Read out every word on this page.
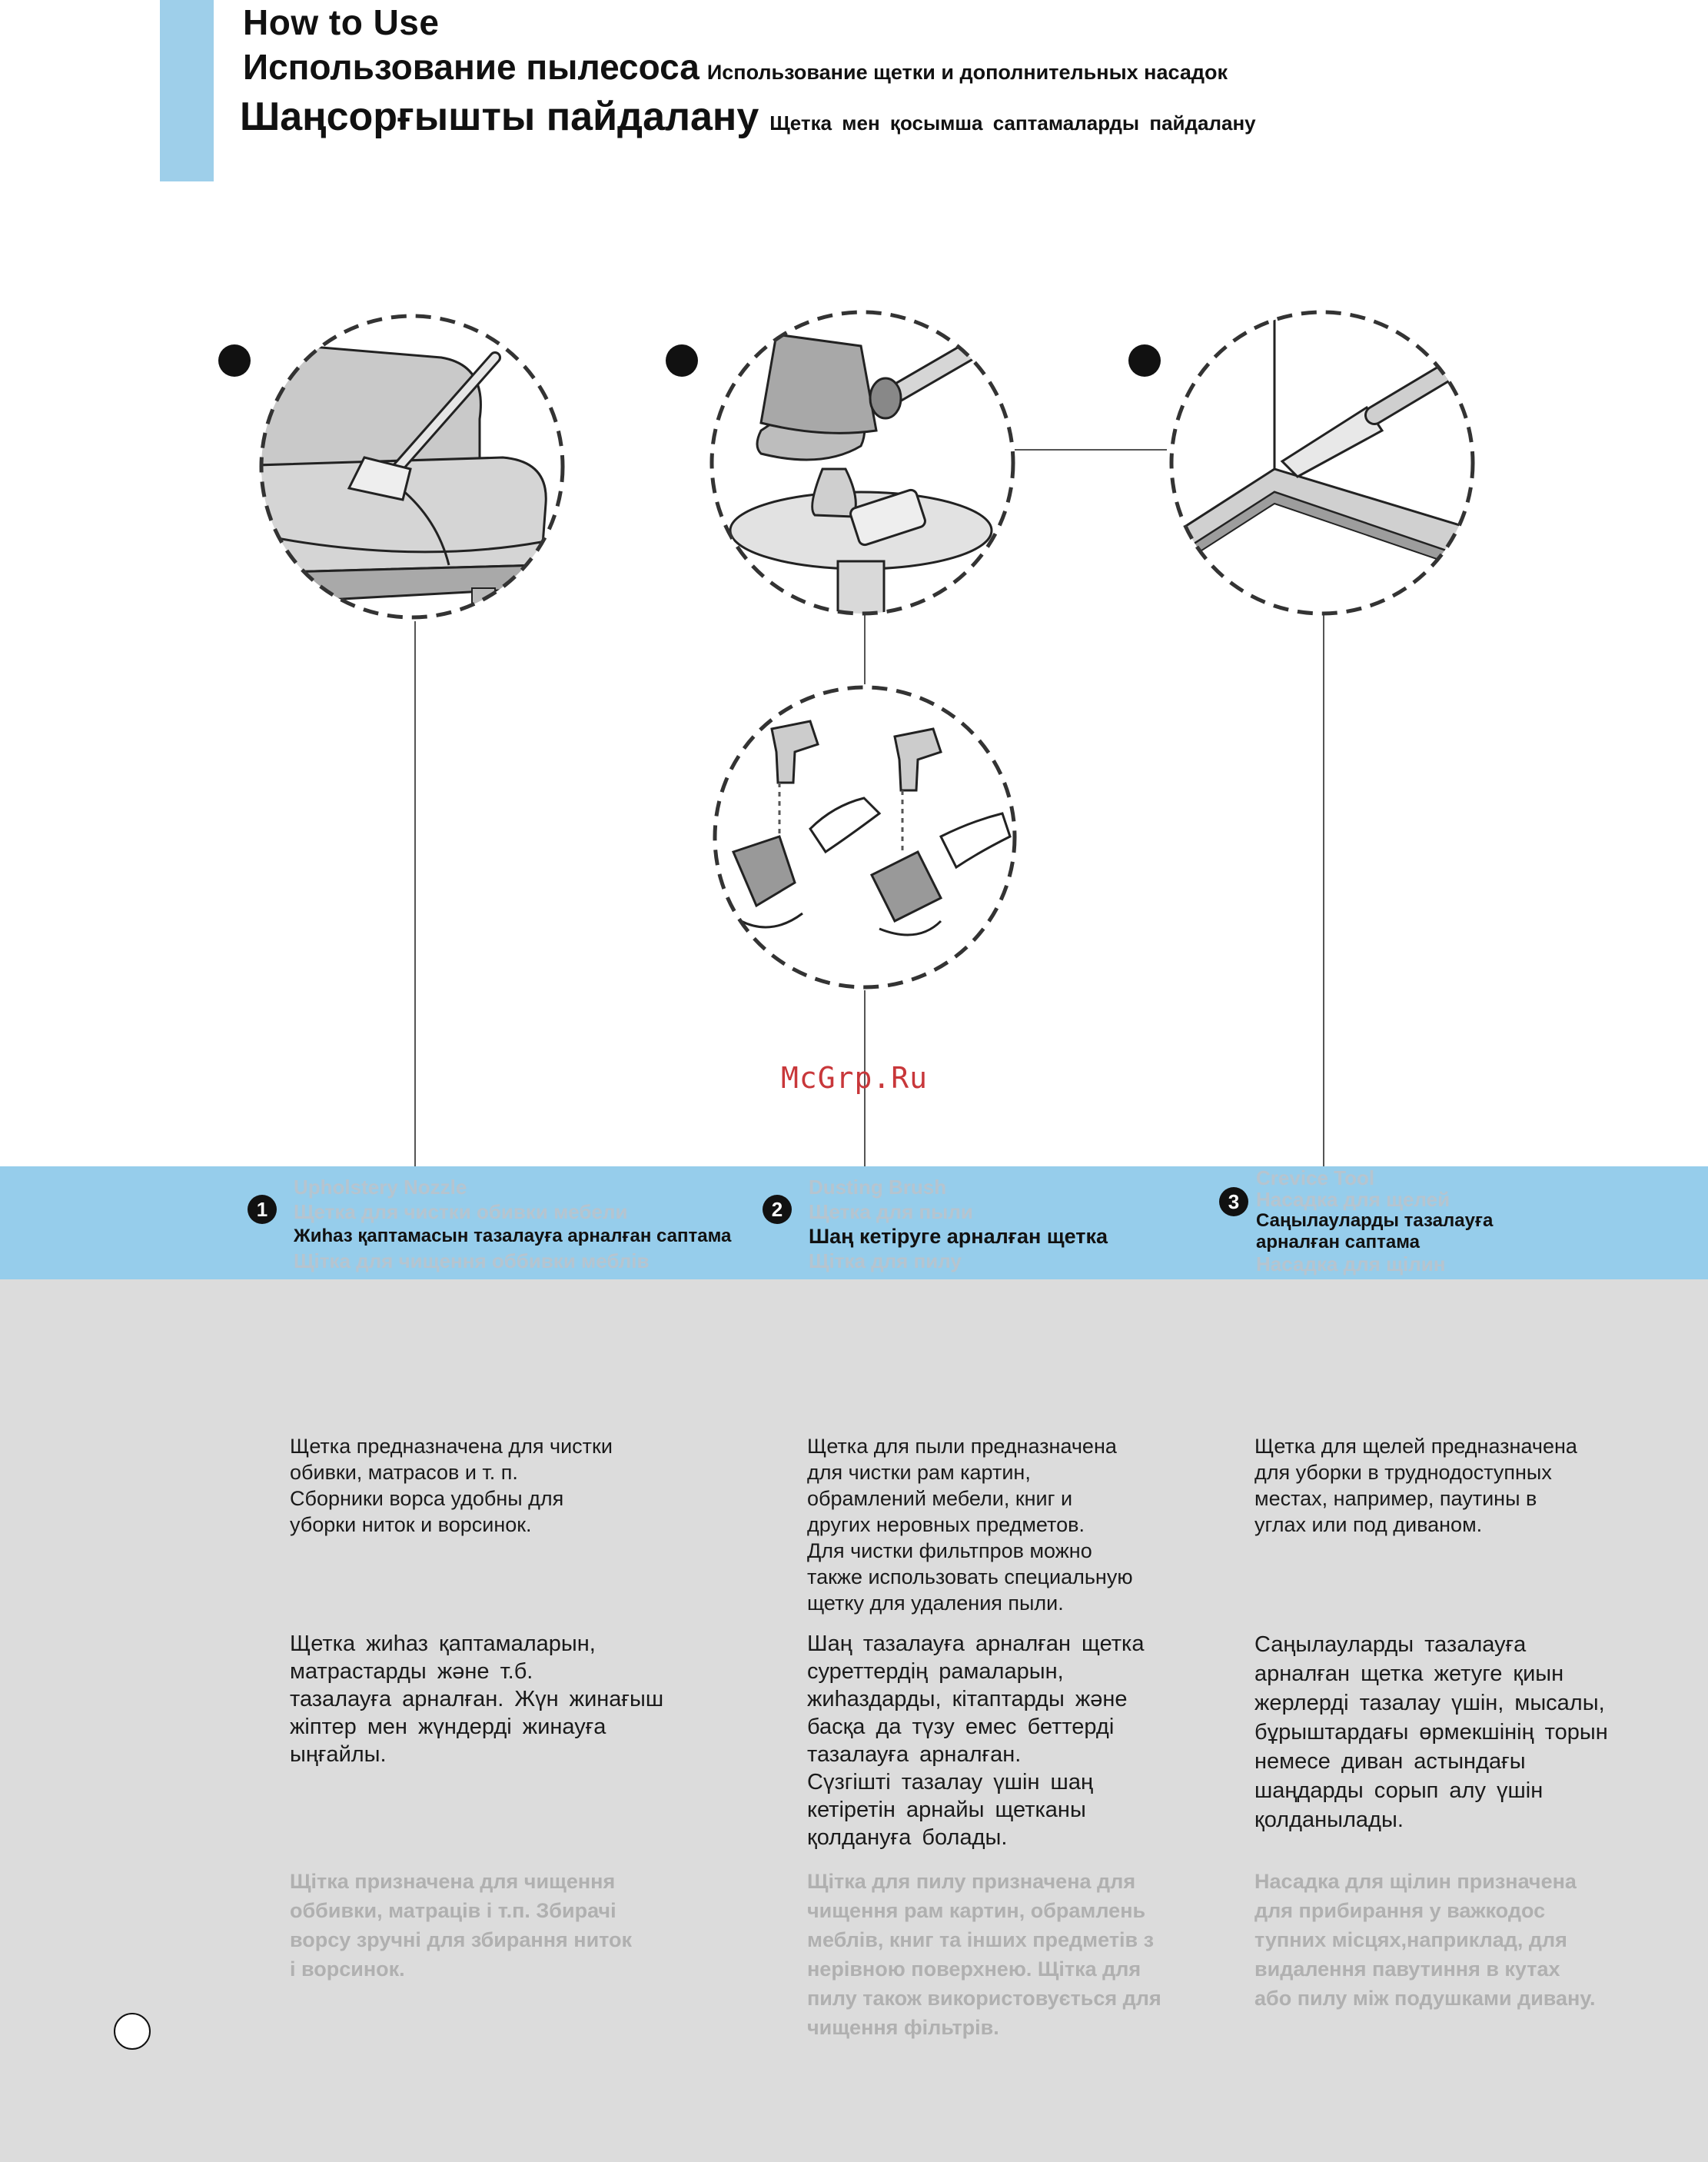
How to Use
Использование пылесоса Использование щетки и дополнительных насадок
Шаңсорғышты пайдалану Щетка мен қосымша саптамаларды пайдалану
McGrp.Ru
1
Upholstery Nozzle
Щетка для чистки обивки мебели
Жиһаз қаптамасын тазалауға арналған саптама
Щітка для чищення оббивки меблів
2
Dusting Brush
Щетка для пыли
Шаң кетіруге арналған щетка
Щітка для пилу
3
Crevice Tool
Насадка для щелей
Саңылауларды тазалауға
арналған саптама
Насадка для щілин
Щетка предназначена для чистки
обивки, матрасов и т. п.
Сборники ворса удобны для
уборки ниток и ворсинок.
Щетка жиһаз қаптамаларын,
матрастарды және т.б.
тазалауға арналған. Жүн жинағыш
жіптер мен жүндерді жинауға
ыңғайлы.
Щітка призначена для чищення
оббивки, матраців і т.п. Збирачі
ворсу зручні для збирання ниток
і ворсинок.
Щетка для пыли предназначена
для чистки рам картин,
обрамлений мебели, книг и
других неровных предметов.
Для чистки фильтпров можно
также использовать специальную
щетку для удаления пыли.
Шаң тазалауға арналған щетка
суреттердің рамаларын,
жиһаздарды, кітаптарды және
басқа да түзу емес беттерді
тазалауға арналған.
Сүзгішті тазалау үшін шаң
кетіретін арнайы щетканы
қолдануға болады.
Щітка для пилу призначена для
чищення рам картин, обрамлень
меблів, книг та інших предметів з
нерівною поверхнею. Щітка для
пилу також використовується для
чищення фільтрів.
Щетка для щелей предназначена
для уборки в труднодоступных
местах, например, паутины в
углах или под диваном.
Саңылауларды тазалауға
арналған щетка жетуге қиын
жерлерді тазалау үшін, мысалы,
бұрыштардағы өрмекшінің торын
немесе диван астындағы
шаңдарды сорып алу үшін
қолданылады.
Насадка для щілин призначена
для прибирання у важкодос
тупних місцях,наприклад, для
видалення павутиння в кутах
або пилу між подушками дивану.
